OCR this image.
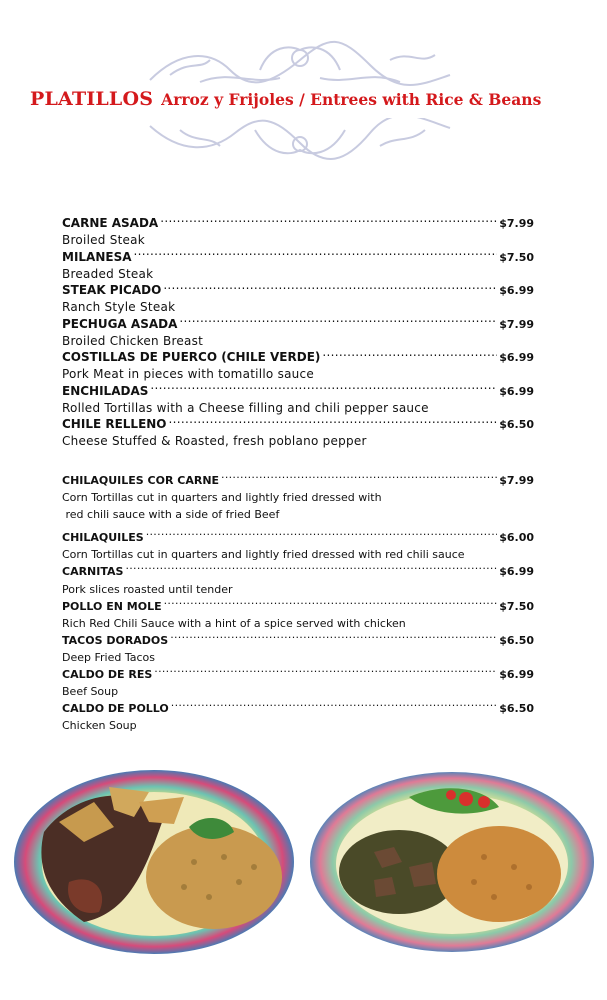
PLATILLOS Arroz y Frijoles / Entrees with Rice & Beans
CARNE ASADA .....	$7.99
Broiled Steak
MILANESA .....	$7.50
Breaded Steak
STEAK PICADO .....	$6.99
Ranch Style Steak
PECHUGA ASADA .....	$7.99
Broiled Chicken Breast
COSTILLAS DE PUERCO (CHILE VERDE) .....	$6.99
Pork Meat in pieces with tomatillo sauce
ENCHILADAS .....	$6.99
Rolled Tortillas with a Cheese filling and chili pepper sauce
CHILE RELLENO .....	$6.50
Cheese Stuffed & Roasted, fresh poblano pepper
CHILAQUILES COR CARNE .....	$7.99
Corn Tortillas cut in quarters and lightly fried dressed with
red chili sauce with a side of fried Beef
CHILAQUILES .....	$6.00
Corn Tortillas cut in quarters and lightly fried dressed with red chili sauce
CARNITAS .....	$6.99
Pork slices roasted until tender
POLLO EN MOLE .....	$7.50
Rich Red Chili Sauce with a hint of a spice served with chicken
TACOS DORADOS .....	$6.50
Deep Fried Tacos
CALDO DE RES .....	$6.99
Beef Soup
CALDO DE POLLO .....	$6.50
Chicken Soup
